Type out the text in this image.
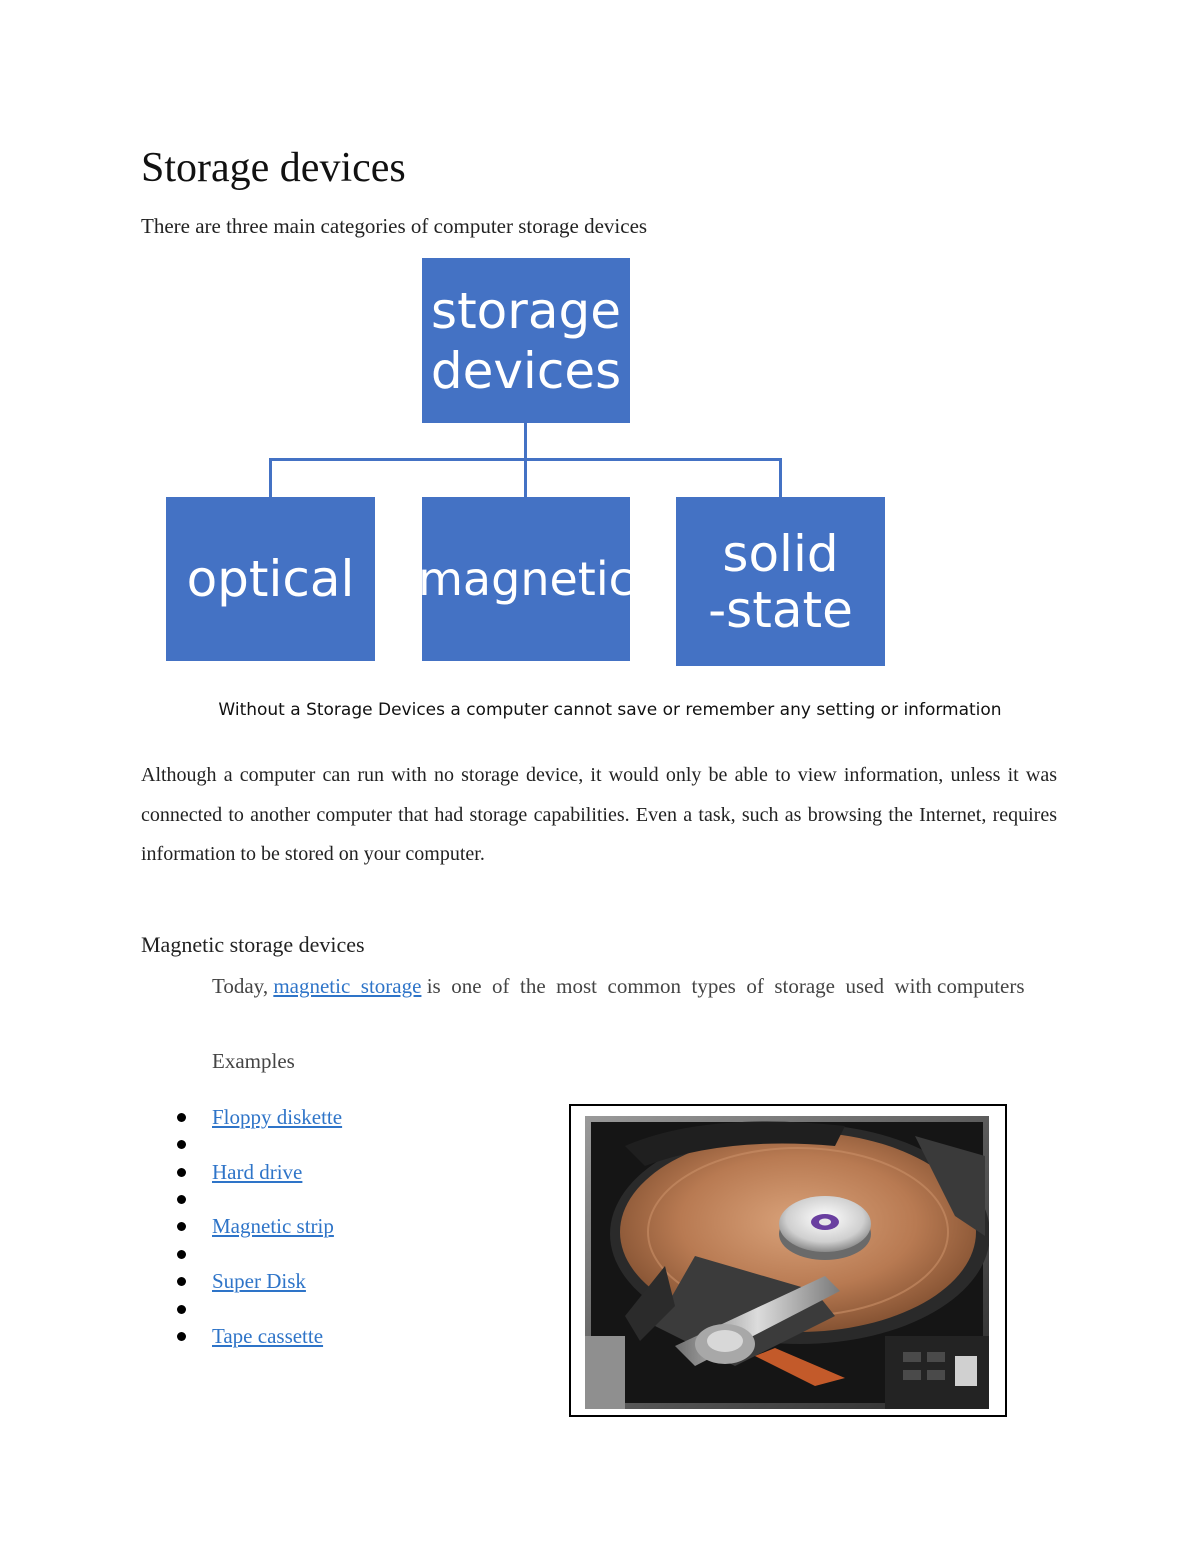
Storage devices
There are three main categories of computer storage devices
storage
devices
optical magnetic solid
-state
Without a Storage Devices a computer cannot save or remember any setting or information
Although a computer can run with no storage device, it would only be able to view information, unless it was connected to another computer that had storage capabilities. Even a task, such as browsing the Internet, requires information to be stored on your computer.
Magnetic storage devices
Today, magnetic  storage is  one  of  the  most  common  types  of  storage  used  with computers
Examples
Floppy diskette
Hard drive
Magnetic strip
Super Disk
Tape cassette
